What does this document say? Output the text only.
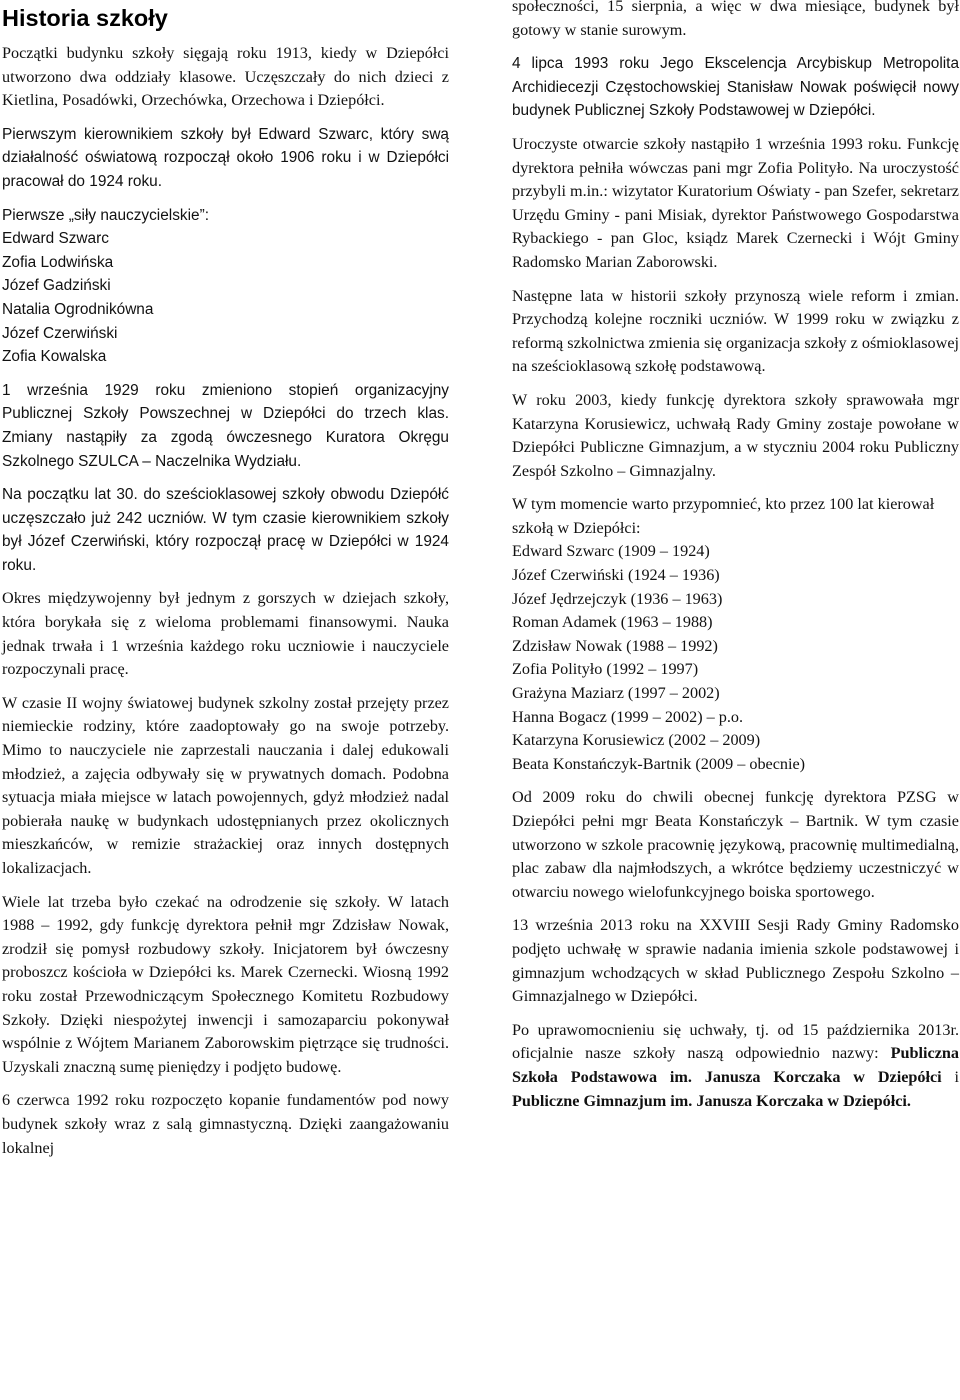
Historia szkoły

Początki budynku szkoły sięgają roku 1913, kiedy w Dziepółci utworzono dwa oddziały klasowe. Uczęszczały do nich dzieci z Kietlina, Posadówki, Orzechówka, Orzechowa i Dziepółci.

Pierwszym kierownikiem szkoły był Edward Szwarc, który swą działalność oświatową rozpoczął około 1906 roku i w Dziepółci pracował do 1924 roku.

Pierwsze „siły nauczycielskie”:
Edward Szwarc
Zofia Lodwińska
Józef Gadziński
Natalia Ogrodnikówna
Józef Czerwiński
Zofia Kowalska

1 września 1929 roku zmieniono stopień organizacyjny Publicznej Szkoły Powszechnej w Dziepółci do trzech klas. Zmiany nastąpiły za zgodą ówczesnego Kuratora Okręgu Szkolnego SZULCA – Naczelnika Wydziału.

Na początku lat 30. do sześcioklasowej szkoły obwodu Dziepółć uczęszczało już 242 uczniów. W tym czasie kierownikiem szkoły był Józef Czerwiński, który rozpoczął pracę w Dziepółci w 1924 roku.

Okres międzywojenny był jednym z gorszych w dziejach szkoły, która borykała się z wieloma problemami finansowymi. Nauka jednak trwała i 1 września każdego roku uczniowie i nauczyciele rozpoczynali pracę.

W czasie II wojny światowej budynek szkolny został przejęty przez niemieckie rodziny, które zaadoptowały go na swoje potrzeby. Mimo to nauczyciele nie zaprzestali nauczania i dalej edukowali młodzież, a zajęcia odbywały się w prywatnych domach. Podobna sytuacja miała miejsce w latach powojennych, gdyż młodzież nadal pobierała naukę w budynkach udostępnianych przez okolicznych mieszkańców, w remizie strażackiej oraz innych dostępnych lokalizacjach.

Wiele lat trzeba było czekać na odrodzenie się szkoły. W latach 1988 – 1992, gdy funkcję dyrektora pełnił mgr Zdzisław Nowak, zrodził się pomysł rozbudowy szkoły. Inicjatorem był ówczesny proboszcz kościoła w Dziepółci ks. Marek Czernecki. Wiosną 1992 roku został Przewodniczącym Społecznego Komitetu Rozbudowy Szkoły. Dzięki niespożytej inwencji i samozaparciu pokonywał wspólnie z Wójtem Marianem Zaborowskim piętrzące się trudności. Uzyskali znaczną sumę pieniędzy i podjęto budowę.

6 czerwca 1992 roku rozpoczęto kopanie fundamentów pod nowy budynek szkoły wraz z salą gimnastyczną. Dzięki zaangażowaniu lokalnej

społeczności, 15 sierpnia, a więc w dwa miesiące, budynek był gotowy w stanie surowym.

4 lipca 1993 roku Jego Ekscelencja Arcybiskup Metropolita Archidiecezji Częstochowskiej Stanisław Nowak poświęcił nowy budynek Publicznej Szkoły Podstawowej w Dziepółci.

Uroczyste otwarcie szkoły nastąpiło 1 września 1993 roku. Funkcję dyrektora pełniła wówczas pani mgr Zofia Polityło. Na uroczystość przybyli m.in.: wizytator Kuratorium Oświaty - pan Szefer, sekretarz Urzędu Gminy - pani Misiak, dyrektor Państwowego Gospodarstwa Rybackiego - pan Gloc, ksiądz Marek Czernecki i Wójt Gminy Radomsko Marian Zaborowski.

Następne lata w historii szkoły przynoszą wiele reform i zmian. Przychodzą kolejne roczniki uczniów. W 1999 roku w związku z reformą szkolnictwa zmienia się organizacja szkoły z ośmioklasowej na sześcioklasową szkołę podstawową.

W roku 2003, kiedy funkcję dyrektora szkoły sprawowała mgr Katarzyna Korusiewicz, uchwałą Rady Gminy zostaje powołane w Dziepółci Publiczne Gimnazjum, a w styczniu 2004 roku Publiczny Zespół Szkolno – Gimnazjalny.

W tym momencie warto przypomnieć, kto przez 100 lat kierował szkołą w Dziepółci:
Edward Szwarc (1909 – 1924)
Józef Czerwiński (1924 – 1936)
Józef Jędrzejczyk (1936 – 1963)
Roman Adamek (1963 – 1988)
Zdzisław Nowak (1988 – 1992)
Zofia Polityło (1992 – 1997)
Grażyna Maziarz (1997 – 2002)
Hanna Bogacz (1999 – 2002) – p.o.
Katarzyna Korusiewicz (2002 – 2009)
Beata Konstańczyk-Bartnik (2009 – obecnie)

Od 2009 roku do chwili obecnej funkcję dyrektora PZSG w Dziepółci pełni mgr Beata Konstańczyk – Bartnik. W tym czasie utworzono w szkole pracownię językową, pracownię multimedialną, plac zabaw dla najmłodszych, a wkrótce będziemy uczestniczyć w otwarciu nowego wielofunkcyjnego boiska sportowego.

13 września 2013 roku na XXVIII Sesji Rady Gminy Radomsko podjęto uchwałę w sprawie nadania imienia szkole podstawowej i gimnazjum wchodzących w skład Publicznego Zespołu Szkolno – Gimnazjalnego w Dziepółci.

Po uprawomocnieniu się uchwały, tj. od 15 października 2013r. oficjalnie nasze szkoły naszą odpowiednio nazwy: Publiczna Szkoła Podstawowa im. Janusza Korczaka w Dziepółci i Publiczne Gimnazjum im. Janusza Korczaka w Dziepółci.
